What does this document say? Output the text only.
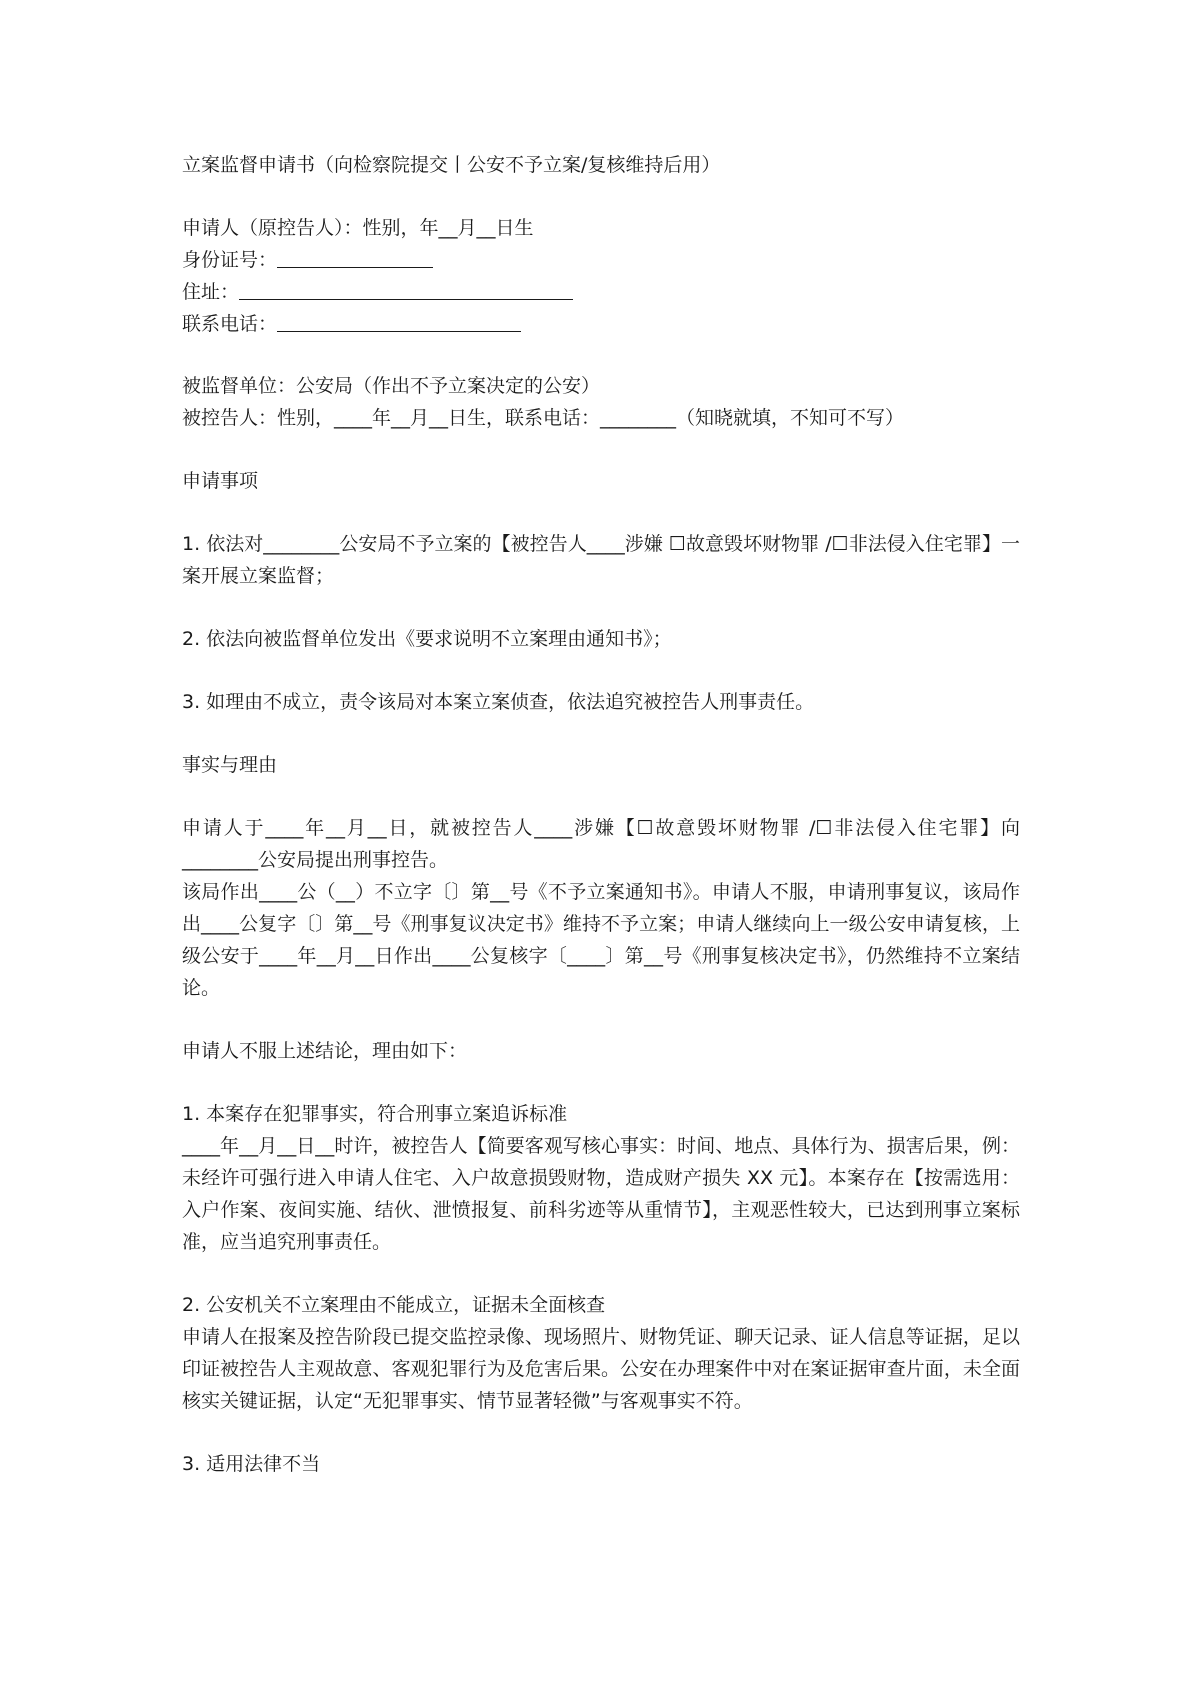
立案监督申请书（向检察院提交丨公安不予立案/复核维持后用）
申请人（原控告人）：性别，年__月__日生
身份证号：
住址：
联系电话：
被监督单位：公安局（作出不予立案决定的公安）
被控告人：性别，____年__月__日生，联系电话：________（知晓就填，不知可不写）
申请事项
1. 依法对________公安局不予立案的【被控告人____涉嫌 ☐故意毁坏财物罪 /☐非法侵入住宅罪】一案开展立案监督；
2. 依法向被监督单位发出《要求说明不立案理由通知书》；
3. 如理由不成立，责令该局对本案立案侦查，依法追究被控告人刑事责任。
事实与理由
申请人于____年__月__日，就被控告人____涉嫌【☐故意毁坏财物罪 /☐非法侵入住宅罪】向________公安局提出刑事控告。
该局作出____公（__）不立字〔〕第__号《不予立案通知书》。申请人不服，申请刑事复议，该局作出____公复字〔〕第__号《刑事复议决定书》维持不予立案；申请人继续向上一级公安申请复核，上级公安于____年__月__日作出____公复核字〔____〕第__号《刑事复核决定书》，仍然维持不立案结论。
申请人不服上述结论，理由如下：
1. 本案存在犯罪事实，符合刑事立案追诉标准
____年__月__日__时许，被控告人【简要客观写核心事实：时间、地点、具体行为、损害后果，例：未经许可强行进入申请人住宅、入户故意损毁财物，造成财产损失 XX 元】。本案存在【按需选用：入户作案、夜间实施、结伙、泄愤报复、前科劣迹等从重情节】，主观恶性较大，已达到刑事立案标准，应当追究刑事责任。
2. 公安机关不立案理由不能成立，证据未全面核查
申请人在报案及控告阶段已提交监控录像、现场照片、财物凭证、聊天记录、证人信息等证据，足以印证被控告人主观故意、客观犯罪行为及危害后果。公安在办理案件中对在案证据审查片面，未全面核实关键证据，认定“无犯罪事实、情节显著轻微”与客观事实不符。
3. 适用法律不当
